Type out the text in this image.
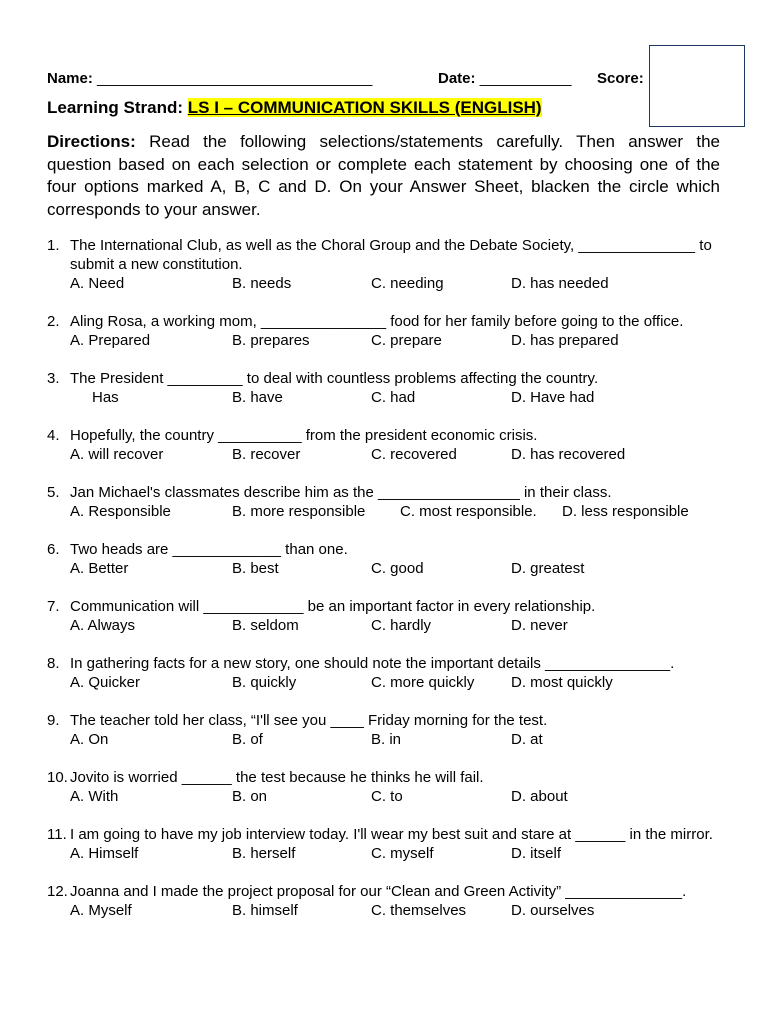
Name: _________________________________	Date: ___________ Score:
Learning Strand: LS I – COMMUNICATION SKILLS (ENGLISH)
Directions: Read the following selections/statements carefully. Then answer the question based on each selection or complete each statement by choosing one of the four options marked A, B, C and D. On your Answer Sheet, blacken the circle which corresponds to your answer.
1. The International Club, as well as the Choral Group and the Debate Society, ______________ to submit a new constitution.
A. Need	B. needs	C. needing	D. has needed
2. Aling Rosa, a working mom, _______________ food for her family before going to the office.
A. Prepared	B. prepares	C. prepare	D. has prepared
3. The President _________ to deal with countless problems affecting the country.
Has	B. have	C. had	D. Have had
4. Hopefully, the country __________ from the president economic crisis.
A. will recover	B. recover	C. recovered	D. has recovered
5. Jan Michael's classmates describe him as the _________________ in their class.
A. Responsible	B. more responsible C. most responsible. D. less responsible
6. Two heads are _____________ than one.
A. Better	B. best	C. good	D. greatest
7. Communication will ____________ be an important factor in every relationship.
A. Always	B. seldom	C. hardly	D. never
8. In gathering facts for a new story, one should note the important details _______________.
A. Quicker	B. quickly	C. more quickly D. most quickly
9. The teacher told her class, “I'll see you ____ Friday morning for the test.
A. On	B. of	B. in	D. at
10. Jovito is worried ______ the test because he thinks he will fail.
A. With	B. on	C. to	D. about
11. I am going to have my job interview today. I'll wear my best suit and stare at ______ in the mirror.
A. Himself	B. herself	C. myself	D. itself
12. Joanna and I made the project proposal for our “Clean and Green Activity” ______________.
A. Myself	B. himself	C. themselves	D. ourselves
